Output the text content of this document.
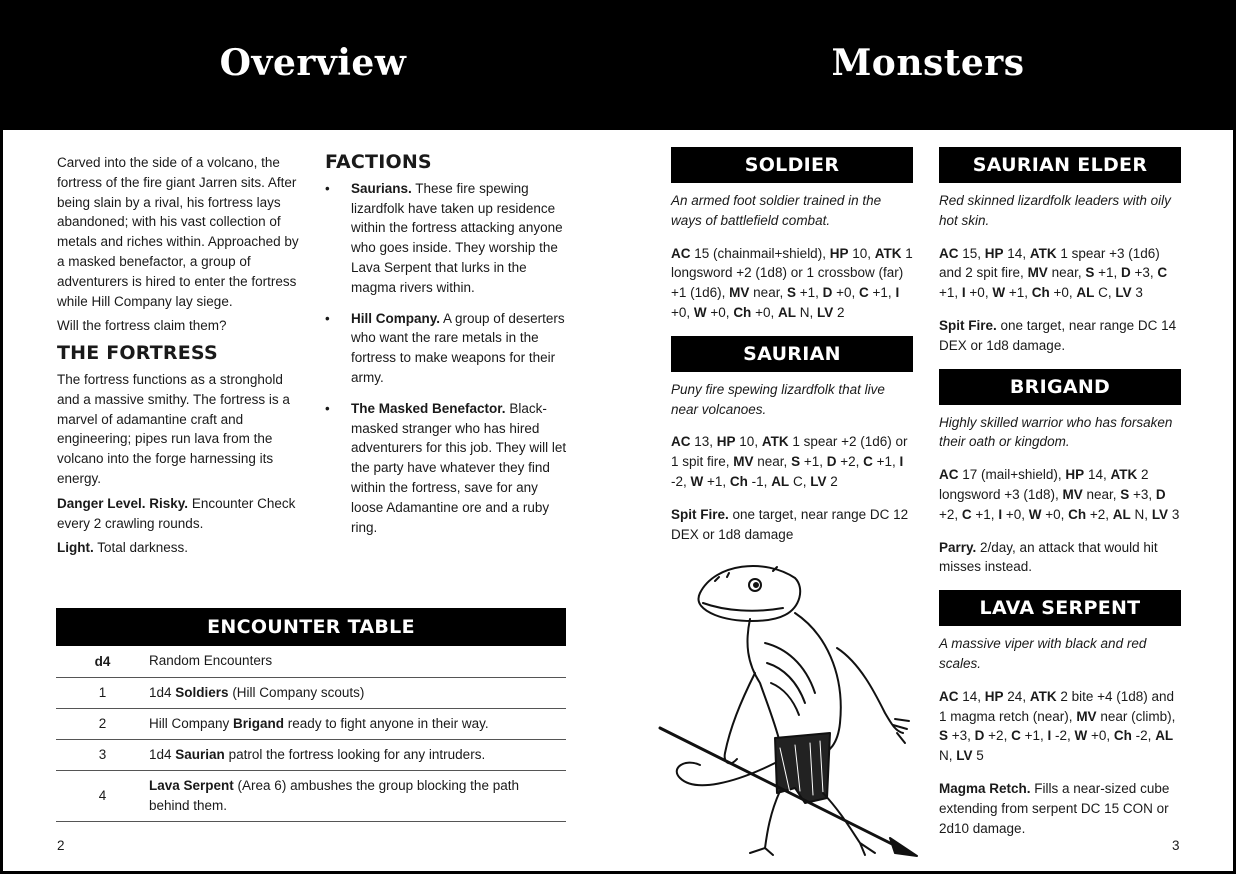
Overview	Monsters

Carved into the side of a volcano, the fortress of the fire giant Jarren sits. After being slain by a rival, his fortress lays abandoned; with his vast collection of metals and riches within. Approached by a masked benefactor, a group of adventurers is hired to enter the fortress while Hill Company lay siege.

Will the fortress claim them?

THE FORTRESS

The fortress functions as a stronghold and a massive smithy. The fortress is a marvel of adamantine craft and engineering; pipes run lava from the volcano into the forge harnessing its energy.

Danger Level. Risky. Encounter Check every 2 crawling rounds.

Light. Total darkness.

FACTIONS
• Saurians. These fire spewing lizardfolk have taken up residence within the fortress attacking anyone who goes inside. They worship the Lava Serpent that lurks in the magma rivers within.
• Hill Company. A group of deserters who want the rare metals in the fortress to make weapons for their army.
• The Masked Benefactor. Black-masked stranger who has hired adventurers for this job. They will let the party have whatever they find within the fortress, save for any loose Adamantine ore and a ruby ring.
ENCOUNTER TABLE
d4	Random Encounters
1	1d4 Soldiers (Hill Company scouts)
2	Hill Company Brigand ready to fight anyone in their way.
3	1d4 Saurian patrol the fortress looking for any intruders.
4	Lava Serpent (Area 6) ambushes the group blocking the path behind them.
SOLDIER

An armed foot soldier trained in the ways of battlefield combat.

AC 15 (chainmail+shield), HP 10, ATK 1 longsword +2 (1d8) or 1 crossbow (far) +1 (1d6), MV near, S +1, D +0, C +1, I +0, W +0, Ch +0, AL N, LV 2

SAURIAN

Puny fire spewing lizardfolk that live near volcanoes.

AC 13, HP 10, ATK 1 spear +2 (1d6) or 1 spit fire, MV near, S +1, D +2, C +1, I -2, W +1, Ch -1, AL C, LV 2

Spit Fire. one target, near range DC 12 DEX or 1d8 damage

SAURIAN ELDER

Red skinned lizardfolk leaders with oily hot skin.

AC 15, HP 14, ATK 1 spear +3 (1d6) and 2 spit fire, MV near, S +1, D +3, C +1, I +0, W +1, Ch +0, AL C, LV 3

Spit Fire. one target, near range DC 14 DEX or 1d8 damage.

BRIGAND

Highly skilled warrior who has forsaken their oath or kingdom.

AC 17 (mail+shield), HP 14, ATK 2 longsword +3 (1d8), MV near, S +3, D +2, C +1, I +0, W +0, Ch +2, AL N, LV 3

Parry. 2/day, an attack that would hit misses instead.

LAVA SERPENT

A massive viper with black and red scales.

AC 14, HP 24, ATK 2 bite +4 (1d8) and 1 magma retch (near), MV near (climb), S +3, D +2, C +1, I -2, W +0, Ch -2, AL N, LV 5

Magma Retch. Fills a near-sized cube extending from serpent DC 15 CON or 2d10 damage.

2	3
